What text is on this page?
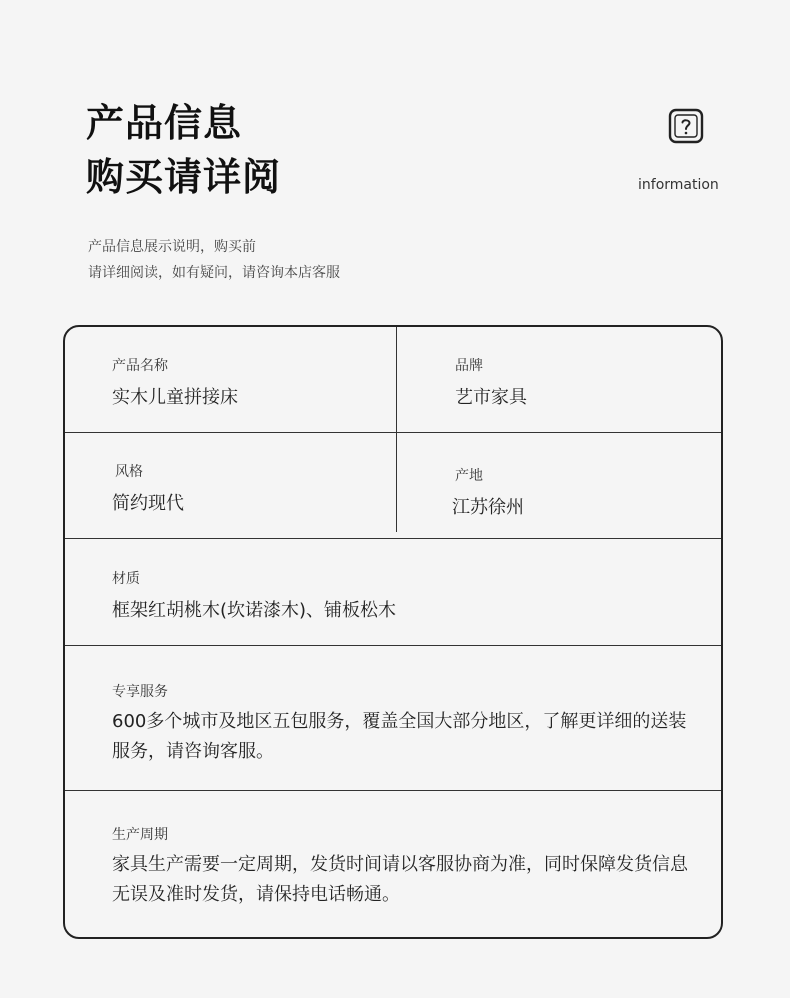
产品信息
购买请详阅
产品信息展示说明，购买前
请详细阅读，如有疑问，请咨询本店客服
information
产品名称
实木儿童拼接床
品牌
艺市家具
风格
简约现代
产地
江苏徐州
材质
框架红胡桃木(坎诺漆木)、铺板松木
专享服务
600多个城市及地区五包服务，覆盖全国大部分地区，了解更详细的送装服务，请咨询客服。
生产周期
家具生产需要一定周期，发货时间请以客服协商为准，同时保障发货信息无误及准时发货，请保持电话畅通。
